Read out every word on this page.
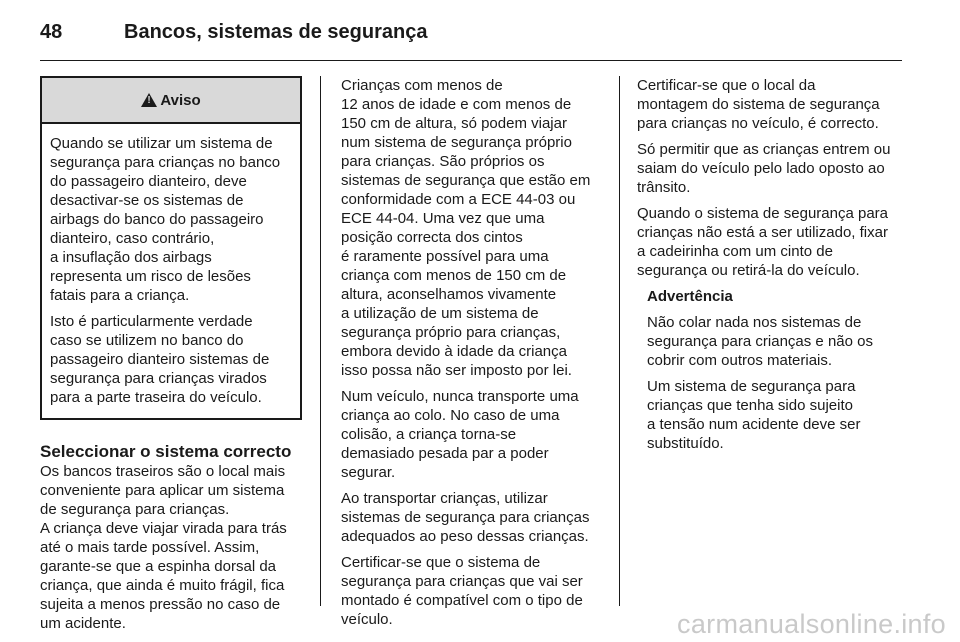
48	Bancos, sistemas de segurança
!
Aviso

Quando se utilizar um sistema de
segurança para crianças no banco
do passageiro dianteiro, deve
desactivar-se os sistemas de
airbags do banco do passageiro
dianteiro, caso contrário,
a insuflação dos airbags
representa um risco de lesões
fatais para a criança.

Isto é particularmente verdade
caso se utilizem no banco do
passageiro dianteiro sistemas de
segurança para crianças virados
para a parte traseira do veículo.

Seleccionar o sistema correcto

Os bancos traseiros são o local mais
conveniente para aplicar um sistema
de segurança para crianças.
A criança deve viajar virada para trás
até o mais tarde possível. Assim,
garante-se que a espinha dorsal da
criança, que ainda é muito frágil, fica
sujeita a menos pressão no caso de
um acidente.

Crianças com menos de
12 anos de idade e com menos de
150 cm de altura, só podem viajar
num sistema de segurança próprio
para crianças. São próprios os
sistemas de segurança que estão em
conformidade com a ECE 44-03 ou
ECE 44-04. Uma vez que uma
posição correcta dos cintos
é raramente possível para uma
criança com menos de 150 cm de
altura, aconselhamos vivamente
a utilização de um sistema de
segurança próprio para crianças,
embora devido à idade da criança
isso possa não ser imposto por lei.

Num veículo, nunca transporte uma
criança ao colo. No caso de uma
colisão, a criança torna-se
demasiado pesada par a poder
segurar.

Ao transportar crianças, utilizar
sistemas de segurança para crianças
adequados ao peso dessas crianças.

Certificar-se que o sistema de
segurança para crianças que vai ser
montado é compatível com o tipo de
veículo.

Certificar-se que o local da
montagem do sistema de segurança
para crianças no veículo, é correcto.

Só permitir que as crianças entrem ou
saiam do veículo pelo lado oposto ao
trânsito.

Quando o sistema de segurança para
crianças não está a ser utilizado, fixar
a cadeirinha com um cinto de
segurança ou retirá-la do veículo.

Advertência

Não colar nada nos sistemas de
segurança para crianças e não os
cobrir com outros materiais.

Um sistema de segurança para
crianças que tenha sido sujeito
a tensão num acidente deve ser
substituído.

carmanualsonline.info
